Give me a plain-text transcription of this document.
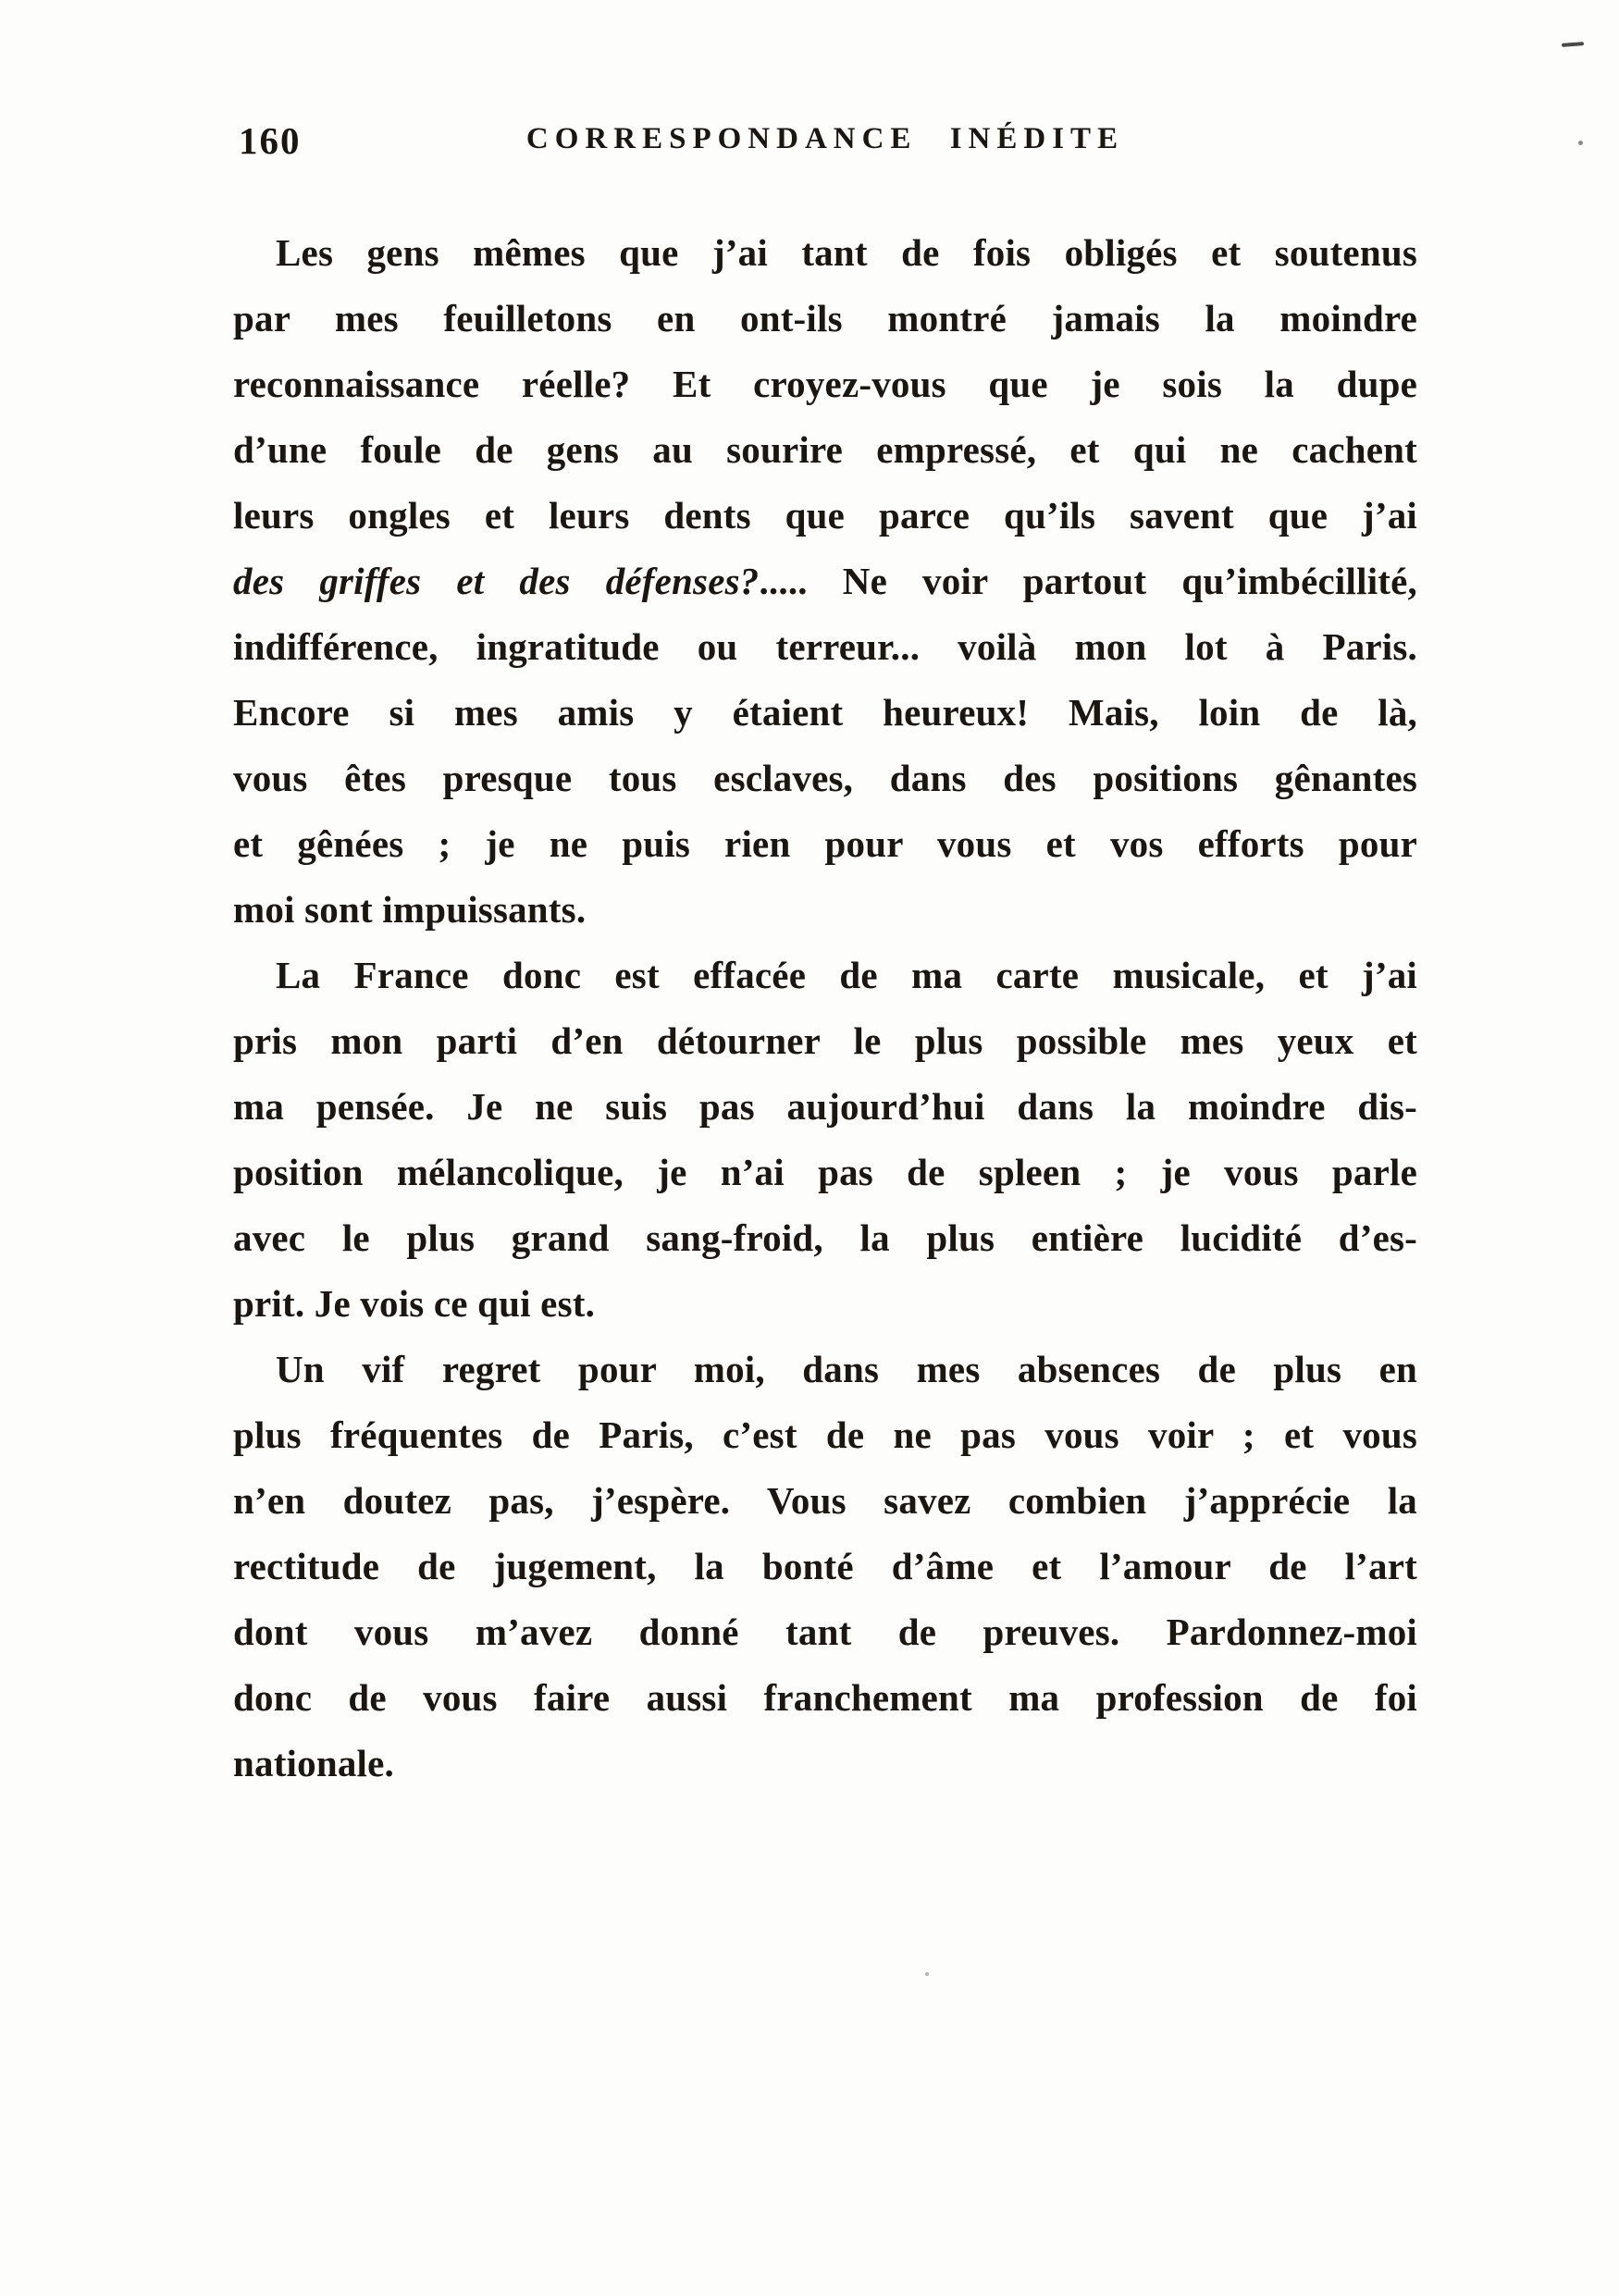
160	CORRESPONDANCE INÉDITE
Les gens mêmes que j’ai tant de fois obligés et soutenus
par mes feuilletons en ont-ils montré jamais la moindre
reconnaissance réelle? Et croyez-vous que je sois la dupe
d’une foule de gens au sourire empressé, et qui ne cachent
leurs ongles et leurs dents que parce qu’ils savent que j’ai
des griffes et des défenses?..... Ne voir partout qu’imbécillité,
indifférence, ingratitude ou terreur... voilà mon lot à Paris.
Encore si mes amis y étaient heureux! Mais, loin de là,
vous êtes presque tous esclaves, dans des positions gênantes
et gênées ; je ne puis rien pour vous et vos efforts pour
moi sont impuissants.
La France donc est effacée de ma carte musicale, et j’ai
pris mon parti d’en détourner le plus possible mes yeux et
ma pensée. Je ne suis pas aujourd’hui dans la moindre dis-
position mélancolique, je n’ai pas de spleen ; je vous parle
avec le plus grand sang-froid, la plus entière lucidité d’es-
prit. Je vois ce qui est.
Un vif regret pour moi, dans mes absences de plus en
plus fréquentes de Paris, c’est de ne pas vous voir ; et vous
n’en doutez pas, j’espère. Vous savez combien j’apprécie la
rectitude de jugement, la bonté d’âme et l’amour de l’art
dont vous m’avez donné tant de preuves. Pardonnez-moi
donc de vous faire aussi franchement ma profession de foi
nationale.
